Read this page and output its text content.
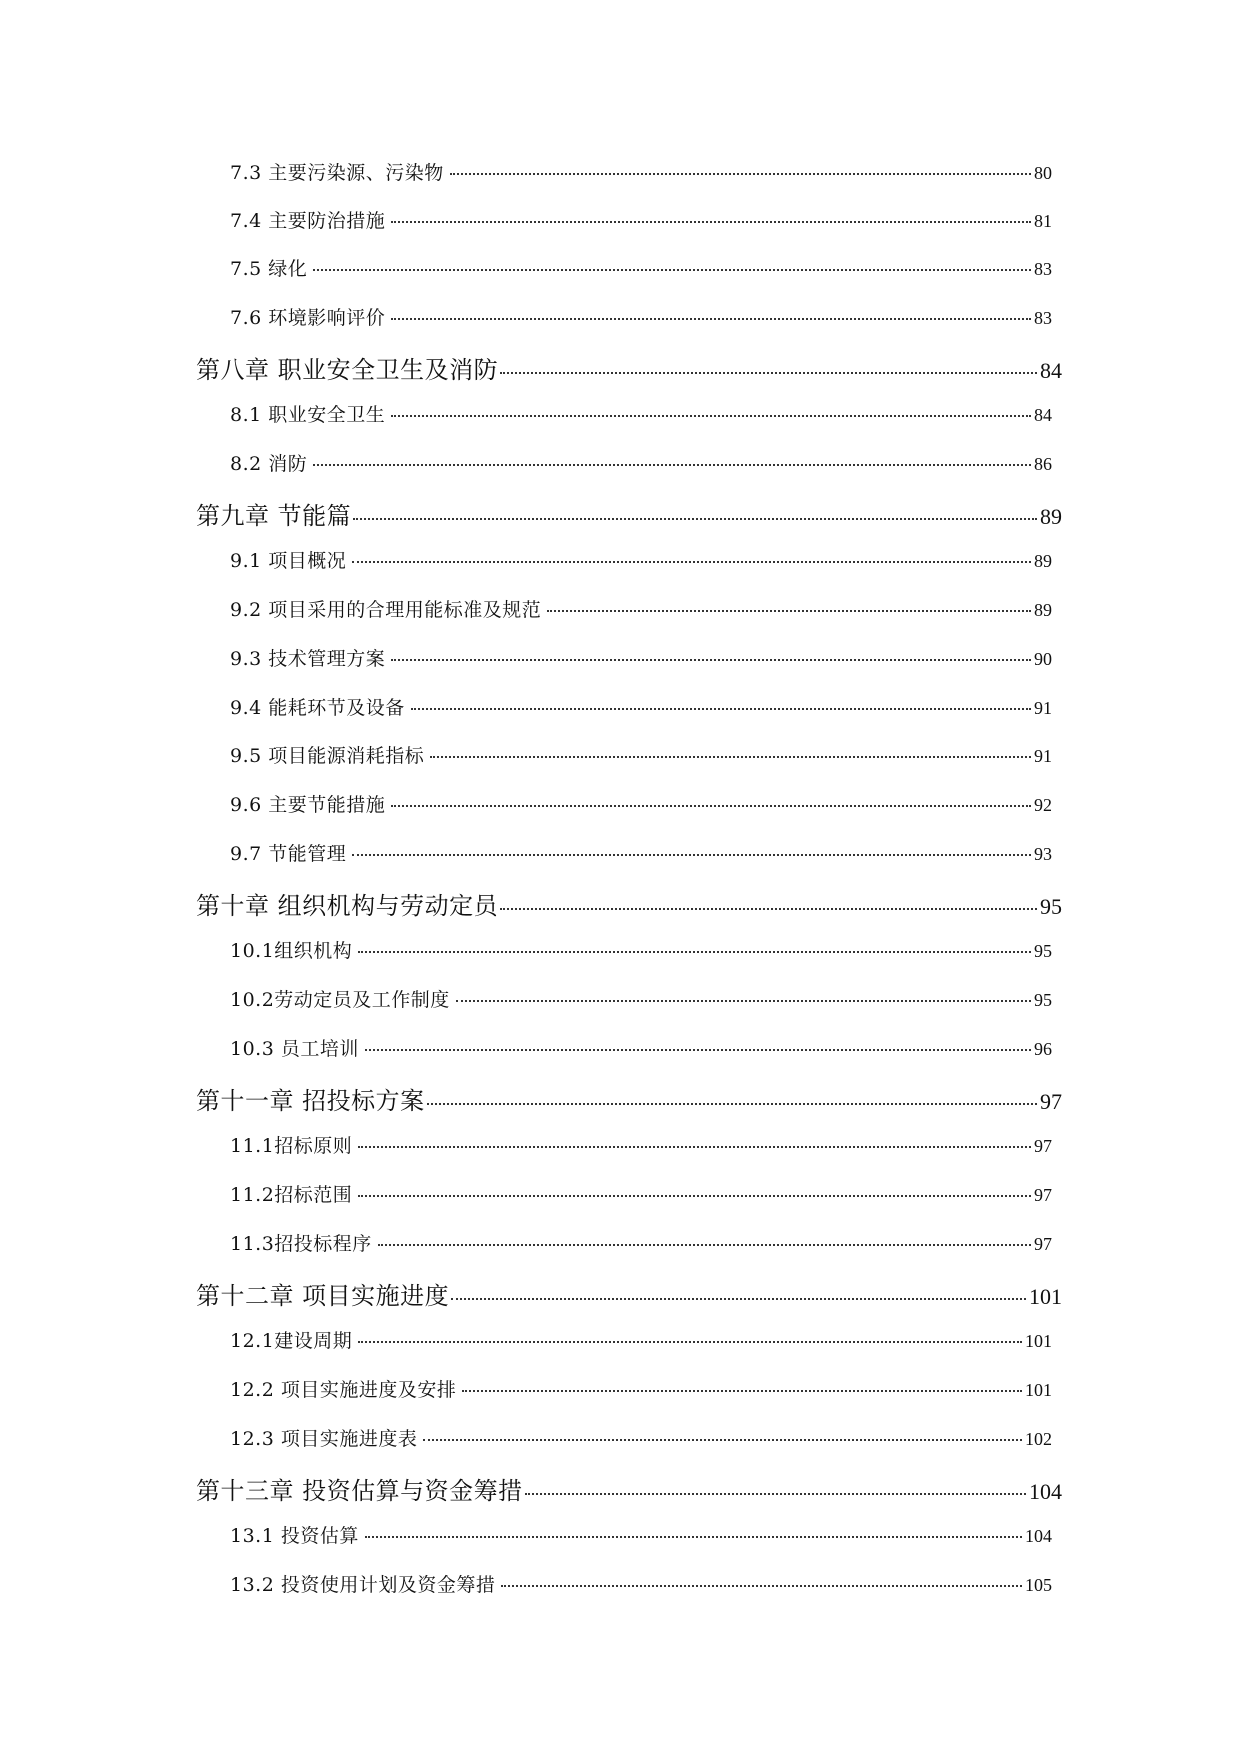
7.3 主要污染源、污染物	80
7.4 主要防治措施	81
7.5 绿化	83
7.6 环境影响评价	83
第八章 职业安全卫生及消防	84
8.1 职业安全卫生	84
8.2 消防	86
第九章 节能篇	89
9.1 项目概况	89
9.2 项目采用的合理用能标准及规范	89
9.3 技术管理方案	90
9.4 能耗环节及设备	91
9.5 项目能源消耗指标	91
9.6 主要节能措施	92
9.7 节能管理	93
第十章 组织机构与劳动定员	95
10.1组织机构	95
10.2劳动定员及工作制度	95
10.3 员工培训	96
第十一章 招投标方案	97
11.1招标原则	97
11.2招标范围	97
11.3招投标程序	97
第十二章 项目实施进度	101
12.1建设周期	101
12.2 项目实施进度及安排	101
12.3 项目实施进度表	102
第十三章 投资估算与资金筹措	104
13.1 投资估算	104
13.2 投资使用计划及资金筹措	105
